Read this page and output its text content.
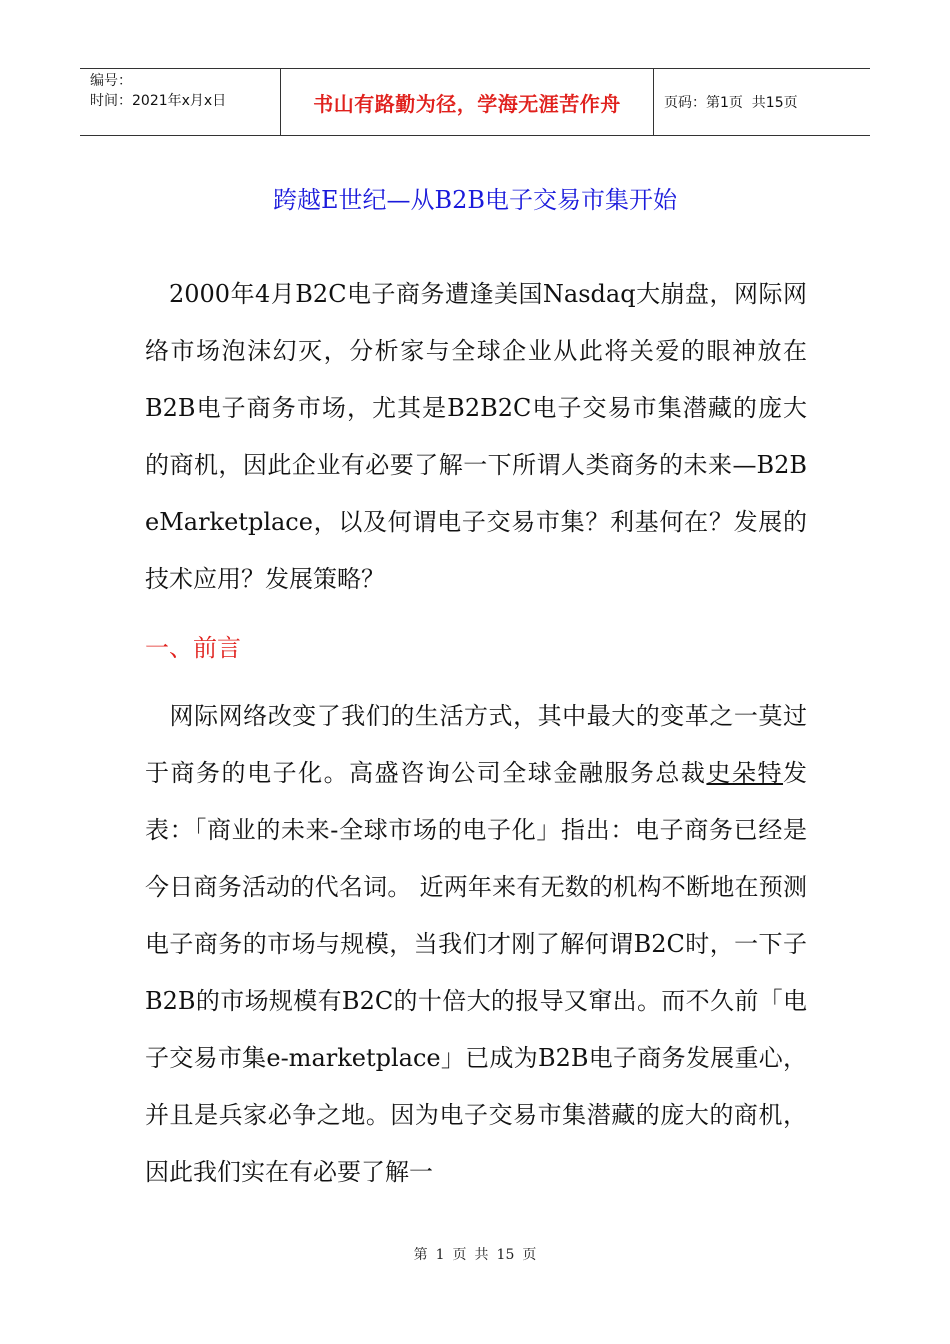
编号：
时间：2021年x月x日	书山有路勤为径，学海无涯苦作舟	页码：第1页  共15页
跨越E世纪—从B2B电子交易市集开始
2000年4月B2C电子商务遭逢美国Nasdaq大崩盘，网际网络市场泡沫幻灭，分析家与全球企业从此将关爱的眼神放在B2B电子商务市场，尤其是B2B2C电子交易市集潜藏的庞大的商机，因此企业有必要了解一下所谓人类商务的未来—B2B eMarketplace，以及何谓电子交易市集？利基何在？发展的技术应用？发展策略？
一、前言
网际网络改变了我们的生活方式，其中最大的变革之一莫过于商务的电子化。高盛咨询公司全球金融服务总裁史朵特发表：「商业的未来-全球市场的电子化」指出：电子商务已经是今日商务活动的代名词。 近两年来有无数的机构不断地在预测电子商务的市场与规模，当我们才刚了解何谓B2C时，一下子B2B的市场规模有B2C的十倍大的报导又窜出。而不久前「电子交易市集e-marketplace」已成为B2B电子商务发展重心，并且是兵家必争之地。因为电子交易市集潜藏的庞大的商机，因此我们实在有必要了解一
第 1 页 共 15 页
